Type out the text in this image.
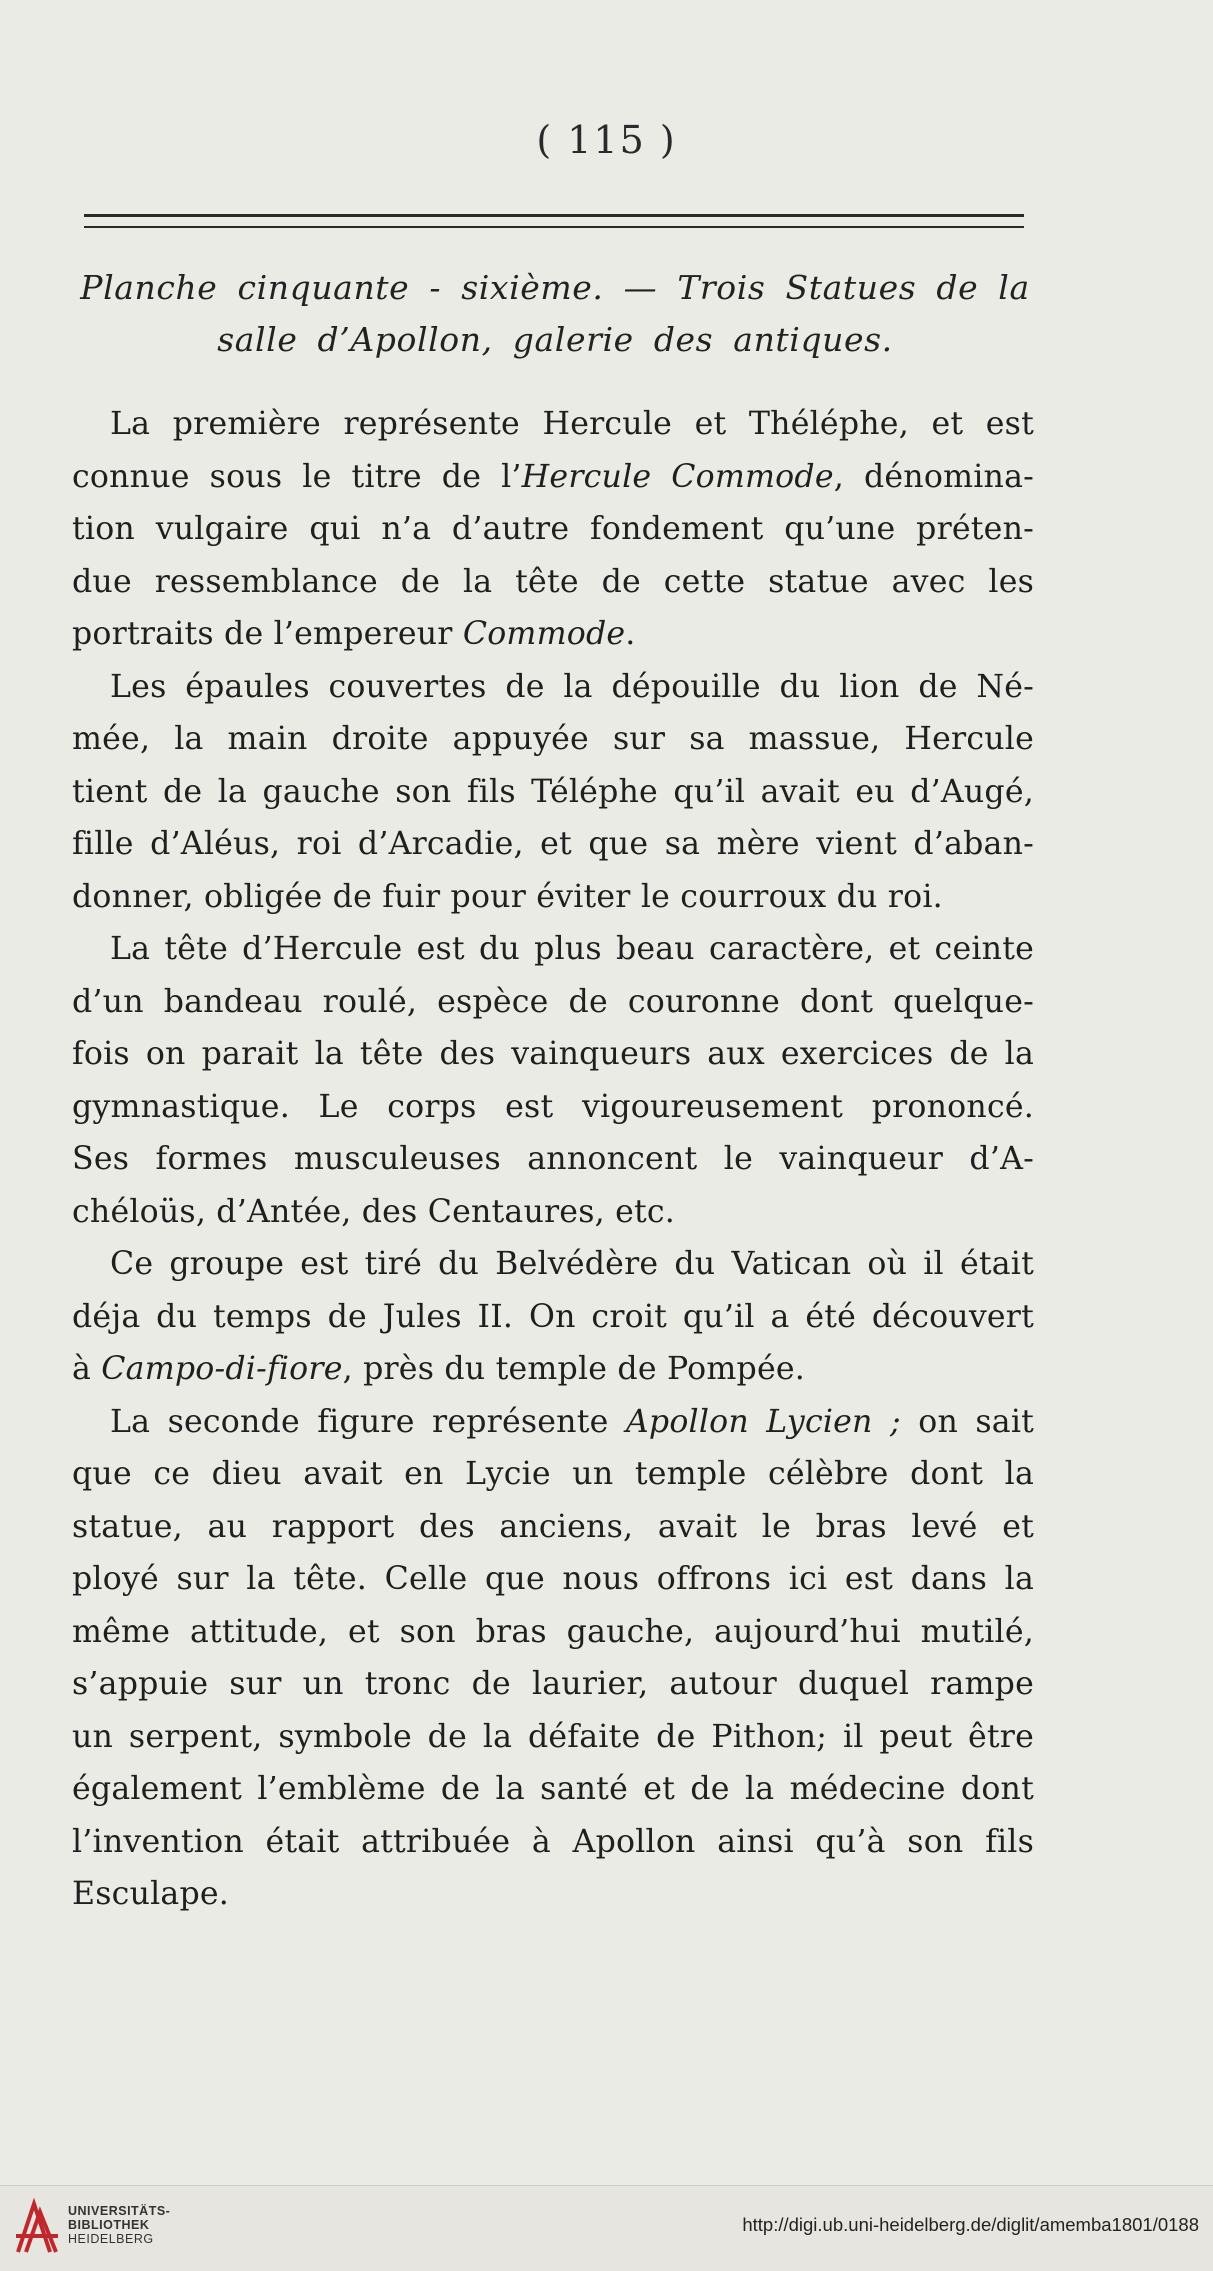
( 115 )
Planche cinquante - sixième. — Trois Statues de la
salle d’Apollon, galerie des antiques.
La première représente Hercule et Théléphe, et est
connue sous le titre de l’Hercule Commode, dénomina-
tion vulgaire qui n’a d’autre fondement qu’une préten-
due ressemblance de la tête de cette statue avec les
portraits de l’empereur Commode.
Les épaules couvertes de la dépouille du lion de Né-
mée, la main droite appuyée sur sa massue, Hercule
tient de la gauche son fils Téléphe qu’il avait eu d’Augé,
fille d’Aléus, roi d’Arcadie, et que sa mère vient d’aban-
donner, obligée de fuir pour éviter le courroux du roi.
La tête d’Hercule est du plus beau caractère, et ceinte
d’un bandeau roulé, espèce de couronne dont quelque-
fois on parait la tête des vainqueurs aux exercices de la
gymnastique. Le corps est vigoureusement prononcé.
Ses formes musculeuses annoncent le vainqueur d’A-
chéloüs, d’Antée, des Centaures, etc.
Ce groupe est tiré du Belvédère du Vatican où il était
déja du temps de Jules II. On croit qu’il a été découvert
à Campo-di-fiore, près du temple de Pompée.
La seconde figure représente Apollon Lycien ; on sait
que ce dieu avait en Lycie un temple célèbre dont la
statue, au rapport des anciens, avait le bras levé et
ployé sur la tête. Celle que nous offrons ici est dans la
même attitude, et son bras gauche, aujourd’hui mutilé,
s’appuie sur un tronc de laurier, autour duquel rampe
un serpent, symbole de la défaite de Pithon; il peut être
également l’emblème de la santé et de la médecine dont
l’invention était attribuée à Apollon ainsi qu’à son fils
Esculape.
UNIVERSITÄTS-
BIBLIOTHEK
HEIDELBERG
http://digi.ub.uni-heidelberg.de/diglit/amemba1801/0188
